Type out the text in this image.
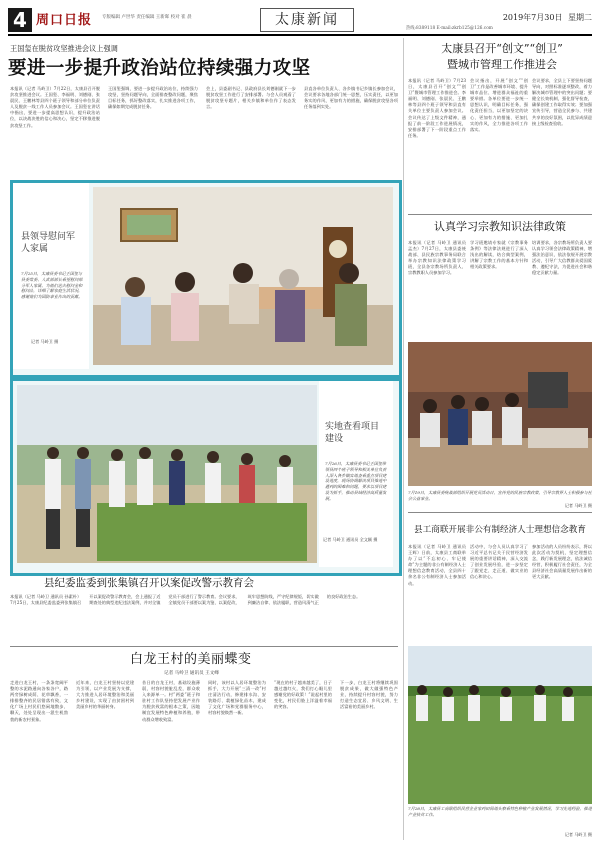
4 周口日报 专版编辑 卢世华 责任编辑 王新晖 校对 崔 晨	太康新闻
热线:8389118 E-mail:zkrb125@126.com
2019年7月30日 星期二
王国玺在脱贫攻坚推进会议上强调
要进一步提升政治站位持续强力攻坚
本报讯（记者 马岭卫）7月22日，太康县召开脱贫攻坚推进会议。王国玺、李福明、刘德刚、张晨民、王鹏林等县四个班子领导和部分单位负责人及脱贫一线工作人员参加会议。王国玺在讲话中指出，要进一步提高思想认识，提升政治站位，以决战决胜的信心和决心，坚定不移推进脱贫攻坚工作。
王国玺强调，要进一步提升政治站位，持续强力攻坚，坚持问题导向，全面排查整改问题，聚焦目标任务，抓好整改落实，扎实推进各项工作，确保如期完成脱贫任务。
会上，县委副书记、县政府县长刘德刚就下一步脱贫攻坚工作进行了安排部署。与会人员观看了脱贫攻坚专题片，相关乡镇和单位作了表态发言。
县直各单位负责人、各乡镇书记乡镇长参加会议，会议要求各地各部门统一思想，压实责任，以更加务实的作风、更加有力的措施，确保脱贫攻坚各项任务落到实处。
县领导慰问军人家属
7月25日，太康县委书记王国玺与县委常委、人武部部长看望慰问部分军人家属，为他们送去慰问金和慰问品，详细了解家庭生活状况，感谢他们为国防事业作出的贡献。
记者 马岭卫 摄
实地查看项目建设
7月26日，太康县委书记王国玺带领县四个班子领导和相关单位负责人深入各乡镇实地查看重点项目建设进度，现场协调解决项目推进中遇到的困难和问题，要求以项目建设为抓手，推动县域经济高质量发展。
记者 马岭卫 通讯员 全文颖 摄
县纪委监委到张集镇召开以案促改警示教育会
本报讯（记者 马岭卫 通讯员 孙素朴）7月25日，太康县纪委监委到张集镇召开以案促改警示教育会，会上通报了近期查处的典型违纪违法案例，并对全镇党员干部进行了警示教育。会议要求，全镇党员干部要以案为鉴、以案促改，筑牢思想防线，严守纪律规矩，切实做到廉洁自律、依法履职，营造风清气正的良好政治生态。
白龙王村的美丽蝶变
记者 马岭卫 通讯员 王文峰
走进白龙王村，一条条宽阔平整的水泥路通向各家各户，路两旁绿树成荫、花草飘香，一排排整齐的民居错落有致，文化广场上村民们悠闲地散步、聊天，处处呈现出一派生机勃勃的新农村景象。
近年来，白龙王村坚持以党建为引领，以产业发展为支撑，大力推进人居环境整治和美丽乡村建设，实现了由贫困村到美丽乡村的华丽转身。
昔日的白龙王村，基础设施薄弱，村容村貌脏乱差，群众收入来源单一。村“两委”班子和驻村工作队坚持把发展产业作为脱贫致富的根本之策，因地制宜发展特色种植和养殖，带动群众增收致富。
同时，该村以人居环境整治为抓手，大力开展“三清一改”村庄清洁行动，修建排水沟、安装路灯、栽植绿化苗木，建成了文化广场和党群服务中心，村容村貌焕然一新。
“现在的村子越来越美了，日子越过越红火，我们打心眼儿里感谢党的好政策！”说起村里的变化，村民们脸上洋溢着幸福的笑容。
下一步，白龙王村将继续巩固脱贫成果，做大做强特色产业，持续提升村容村貌，努力打造生态宜居、乡风文明、生活富裕的美丽乡村。
太康县召开“创文”“创卫”
暨城市管理工作推进会
本报讯（记者 马岭卫）7月23日，太康县召开“创文”“创卫”暨城市管理工作推进会。李福明、刘德刚、张晨民、王鹏林等县四个班子领导和县直有关单位主要负责人参加会议。会议传达了上级文件精神，通报了前一阶段工作进展情况，安排部署了下一阶段重点工作任务。
会议指出，开展“创文”“创卫”工作是改善城市环境、提升城市品位、增进群众福祉的重要举措。各单位要进一步统一思想认识，明确目标任务，强化责任担当，以更加坚定的决心、更加有力的措施、更加扎实的作风，全力推进各项工作落实。
会议要求，全县上下要坚持问题导向，对照标准逐项整改，着力解决城市管理中的突出问题；要健全长效机制，强化督导检查，确保创建工作取得实效；要加强宣传引导，营造全民参与、共建共享的良好氛围，以优异成绩迎接上级检查验收。
认真学习宗教知识法律政策
本报讯（记者 马岭卫 通讯员 孟杰）7月27日，太康县委统战部、县民族宗教事务局联合举办宗教知识法律政策学习班，全县各宗教场所负责人、宗教教职人员参加学习。
学习班邀请专家就《宗教事务条例》等法律法规进行了深入浅出的解读，结合典型案例，讲解了宗教工作的基本方针和相关政策要求。
培训要求，各宗教场所负责人要认真学习领会法律政策精神，增强法治意识，依法依规开展宗教活动，引导广大信教群众爱国爱教、遵纪守法，为促进社会和谐稳定贡献力量。
7月19日，太康县委统战部组织开展党员活动日，宣传党的民族宗教政策，引导宗教界人士积极参与社会公益事业。
记者 马岭卫 摄
县工商联开展非公有制经济人士理想信念教育
本报讯（记者 马岭卫 通讯员 王辉）日前，太康县工商联举办了以“不忘初心、牢记使命”为主题的非公有制经济人士理想信念教育活动，全县四十余名非公有制经济人士参加活动。
活动中，与会人员认真学习了习近平总书记关于民营经济发展的重要讲话精神，深入交流了创业发展经验，进一步坚定了跟党走、走正道、做实业的信心和决心。
参加活动的人员纷纷表示，将以此次活动为契机，坚定理想信念，践行新发展理念，依法诚信经营，积极履行社会责任，为全县经济社会高质量发展作出新的更大贡献。
7月28日，太康县工商联组织民营企业家到田间地头察看特色种植产业发展情况，学习先进经验，推进产业扶贫工作。
记者 马岭卫 摄
